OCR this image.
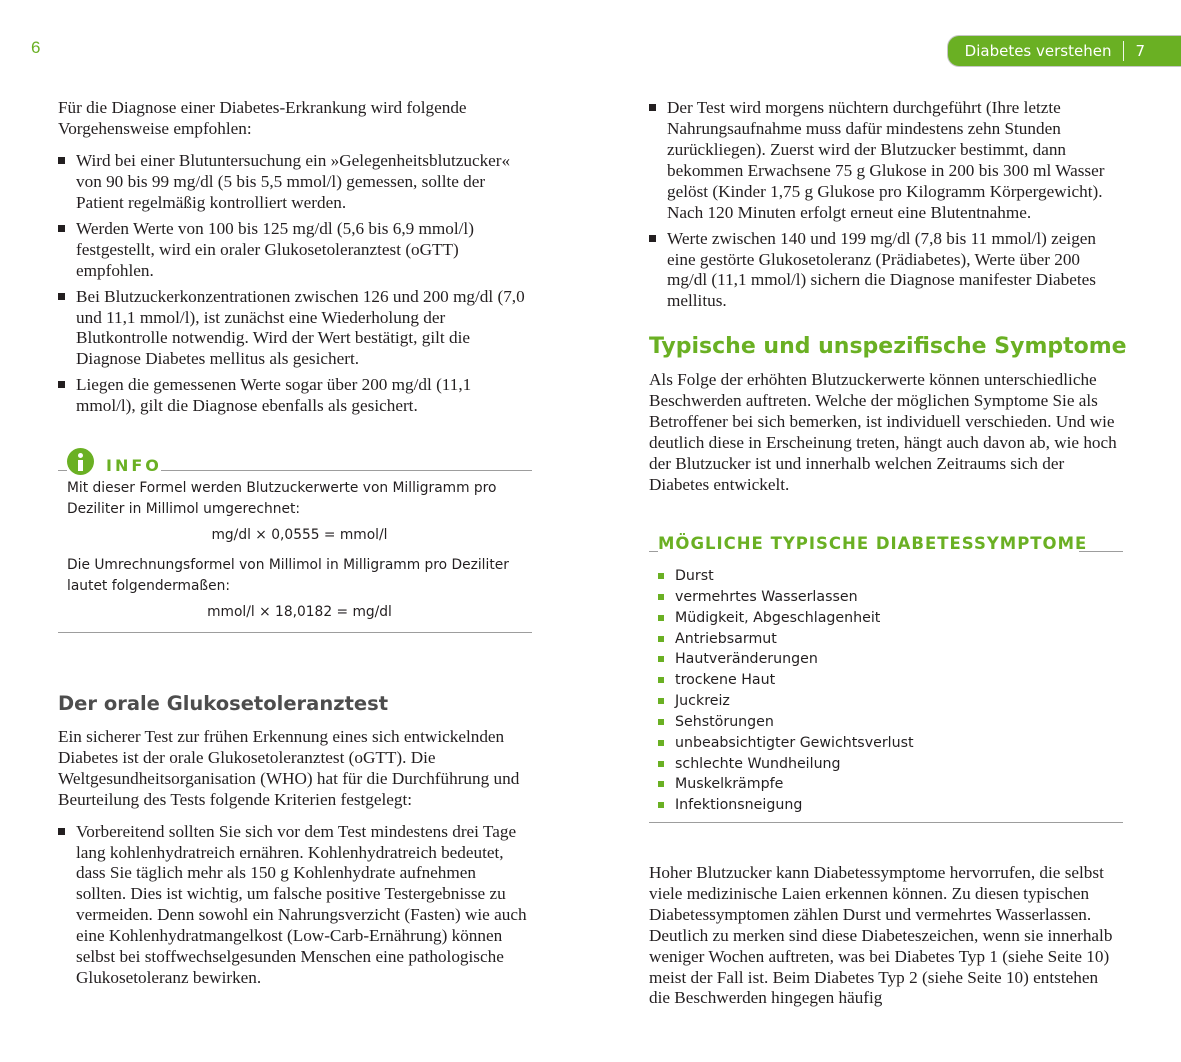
6

Für die Diagnose einer Diabetes-Erkrankung wird folgende Vorgehensweise empfohlen:

Wird bei einer Blutuntersuchung ein »Gelegenheitsblutzucker« von 90 bis 99 mg/dl (5 bis 5,5 mmol/l) gemessen, sollte der Patient regelmäßig kontrolliert werden.
Werden Werte von 100 bis 125 mg/dl (5,6 bis 6,9 mmol/l) festgestellt, wird ein oraler Glukosetoleranztest (oGTT) empfohlen.
Bei Blutzuckerkonzentrationen zwischen 126 und 200 mg/dl (7,0 und 11,1 mmol/l), ist zunächst eine Wiederholung der Blutkontrolle notwendig. Wird der Wert bestätigt, gilt die Diagnose Diabetes mellitus als gesichert.
Liegen die gemessenen Werte sogar über 200 mg/dl (11,1 mmol/l), gilt die Diagnose ebenfalls als gesichert.
INFO

Mit dieser Formel werden Blutzuckerwerte von Milligramm pro Deziliter in Millimol umgerechnet:

mg/dl × 0,0555 = mmol/l

Die Umrechnungsformel von Millimol in Milligramm pro Deziliter lautet folgendermaßen:

mmol/l × 18,0182 = mg/dl

Der orale Glukosetoleranztest

Ein sicherer Test zur frühen Erkennung eines sich entwickelnden Diabetes ist der orale Glukosetoleranztest (oGTT). Die Weltgesundheitsorganisation (WHO) hat für die Durchführung und Beurteilung des Tests folgende Kriterien festgelegt:

Vorbereitend sollten Sie sich vor dem Test mindestens drei Tage lang kohlenhydratreich ernähren. Kohlenhydratreich bedeutet, dass Sie täglich mehr als 150 g Kohlenhydrate aufnehmen sollten. Dies ist wichtig, um falsche positive Testergebnisse zu vermeiden. Denn sowohl ein Nahrungsverzicht (Fasten) wie auch eine Kohlenhydratmangelkost (Low-Carb-Ernährung) können selbst bei stoffwechselgesunden Menschen eine pathologische Glukosetoleranz bewirken.
Diabetes verstehen	7
Der Test wird morgens nüchtern durchgeführt (Ihre letzte Nahrungsaufnahme muss dafür mindestens zehn Stunden zurückliegen). Zuerst wird der Blutzucker bestimmt, dann bekommen Erwachsene 75 g Glukose in 200 bis 300 ml Wasser gelöst (Kinder 1,75 g Glukose pro Kilogramm Körpergewicht). Nach 120 Minuten erfolgt erneut eine Blutentnahme.
Werte zwischen 140 und 199 mg/dl (7,8 bis 11 mmol/l) zeigen eine gestörte Glukosetoleranz (Prädiabetes), Werte über 200 mg/dl (11,1 mmol/l) sichern die Diagnose manifester Diabetes mellitus.
Typische und unspezifische Symptome

Als Folge der erhöhten Blutzuckerwerte können unterschiedliche Beschwerden auftreten. Welche der möglichen Symptome Sie als Betroffener bei sich bemerken, ist individuell verschieden. Und wie deutlich diese in Erscheinung treten, hängt auch davon ab, wie hoch der Blutzucker ist und innerhalb welchen Zeitraums sich der Diabetes entwickelt.

MÖGLICHE TYPISCHE DIABETESSYMPTOME
Durst
vermehrtes Wasserlassen
Müdigkeit, Abgeschlagenheit
Antriebsarmut
Hautveränderungen
trockene Haut
Juckreiz
Sehstörungen
unbeabsichtigter Gewichtsverlust
schlechte Wundheilung
Muskelkrämpfe
Infektionsneigung

Hoher Blutzucker kann Diabetessymptome hervorrufen, die selbst viele medizinische Laien erkennen können. Zu diesen typischen Diabetessymptomen zählen Durst und vermehrtes Wasserlassen. Deutlich zu merken sind diese Diabeteszeichen, wenn sie innerhalb weniger Wochen auftreten, was bei Diabetes Typ 1 (siehe Seite 10) meist der Fall ist. Beim Diabetes Typ 2 (siehe Seite 10) entstehen die Beschwerden hingegen häufig
